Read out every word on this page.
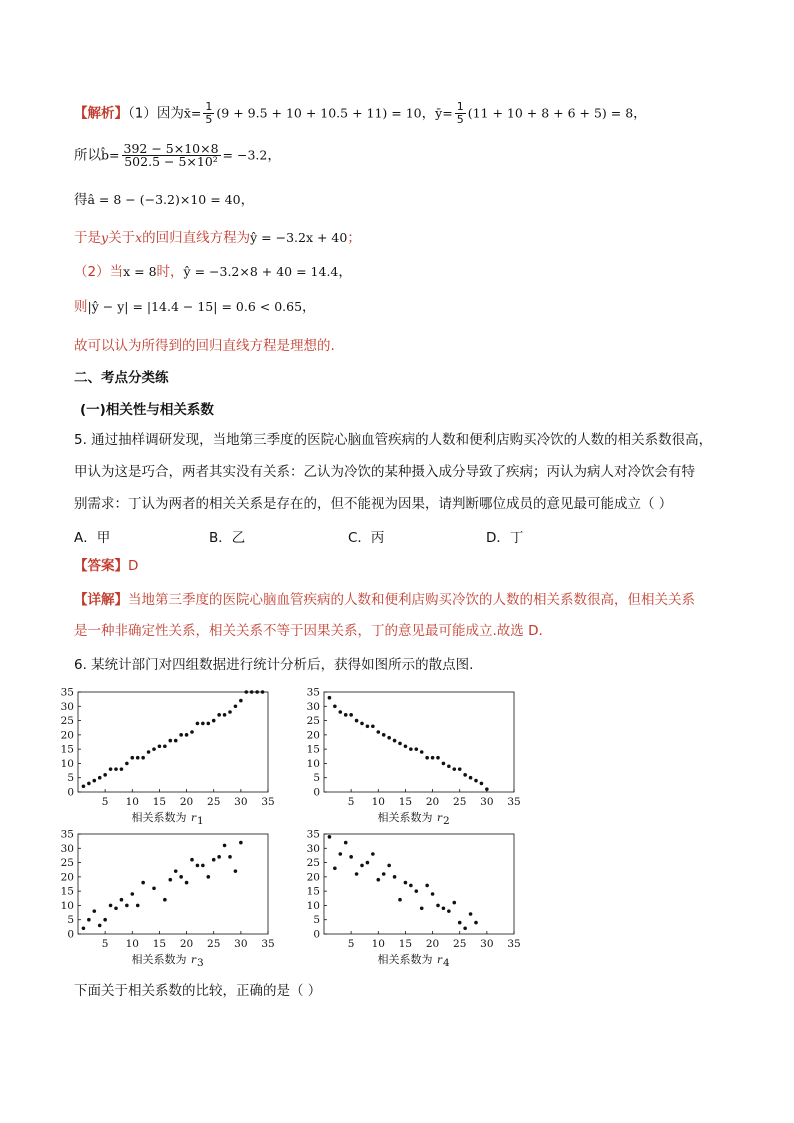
【解析】（1）因为x̄= $\frac{1}{5} (9 + 9.5 + 10 + 10.5 + 11) = 10$，ȳ= $\frac{1}{5} (11 + 10 + 8 + 6 + 5) = 8$，
所以b̂= $\frac{392 - 5\times 10\times 8}{\text{502.5 − 5×10²}} = -3.2$，
得â = 8 − (−3.2)×10 = 40，
于是y关于x的回归直线方程为ŷ = −3.2x + 40；
（2）当x = 8时，ŷ = −3.2×8 + 40 = 14.4，
则|ŷ − y| = |14.4 − 15| = 0.6 < 0.65，
故可以认为所得到的回归直线方程是理想的.
二、考点分类练
(一)相关性与相关系数
5. 通过抽样调研发现，当地第三季度的医院心脑血管疾病的人数和便利店购买冷饮的人数的相关系数很高，
甲认为这是巧合，两者其实没有关系：乙认为冷饮的某种摄入成分导致了疾病；丙认为病人对冷饮会有特
别需求：丁认为两者的相关关系是存在的，但不能视为因果，请判断哪位成员的意见最可能成立（ ）
A．甲	B．乙	C．丙	D．丁
【答案】D
【详解】当地第三季度的医院心脑血管疾病的人数和便利店购买冷饮的人数的相关系数很高，但相关关系
是一种非确定性关系，相关关系不等于因果关系，丁的意见最可能成立.故选 D.
6. 某统计部门对四组数据进行统计分析后，获得如图所示的散点图.
0
5
10
15
20
25
30
35
5 10 15 20 25 30 35
相关系数为 r 1
0
5
10
15
20
25
30
35
5 10 15 20 25 30 35
相关系数为 r 2
0
5
10
15
20
25
30
35
5 10 15 20 25 30 35
相关系数为 r 3
0
5
10
15
20
25
30
35
5 10 15 20 25 30 35
相关系数为 r 4
下面关于相关系数的比较，正确的是（ ）
